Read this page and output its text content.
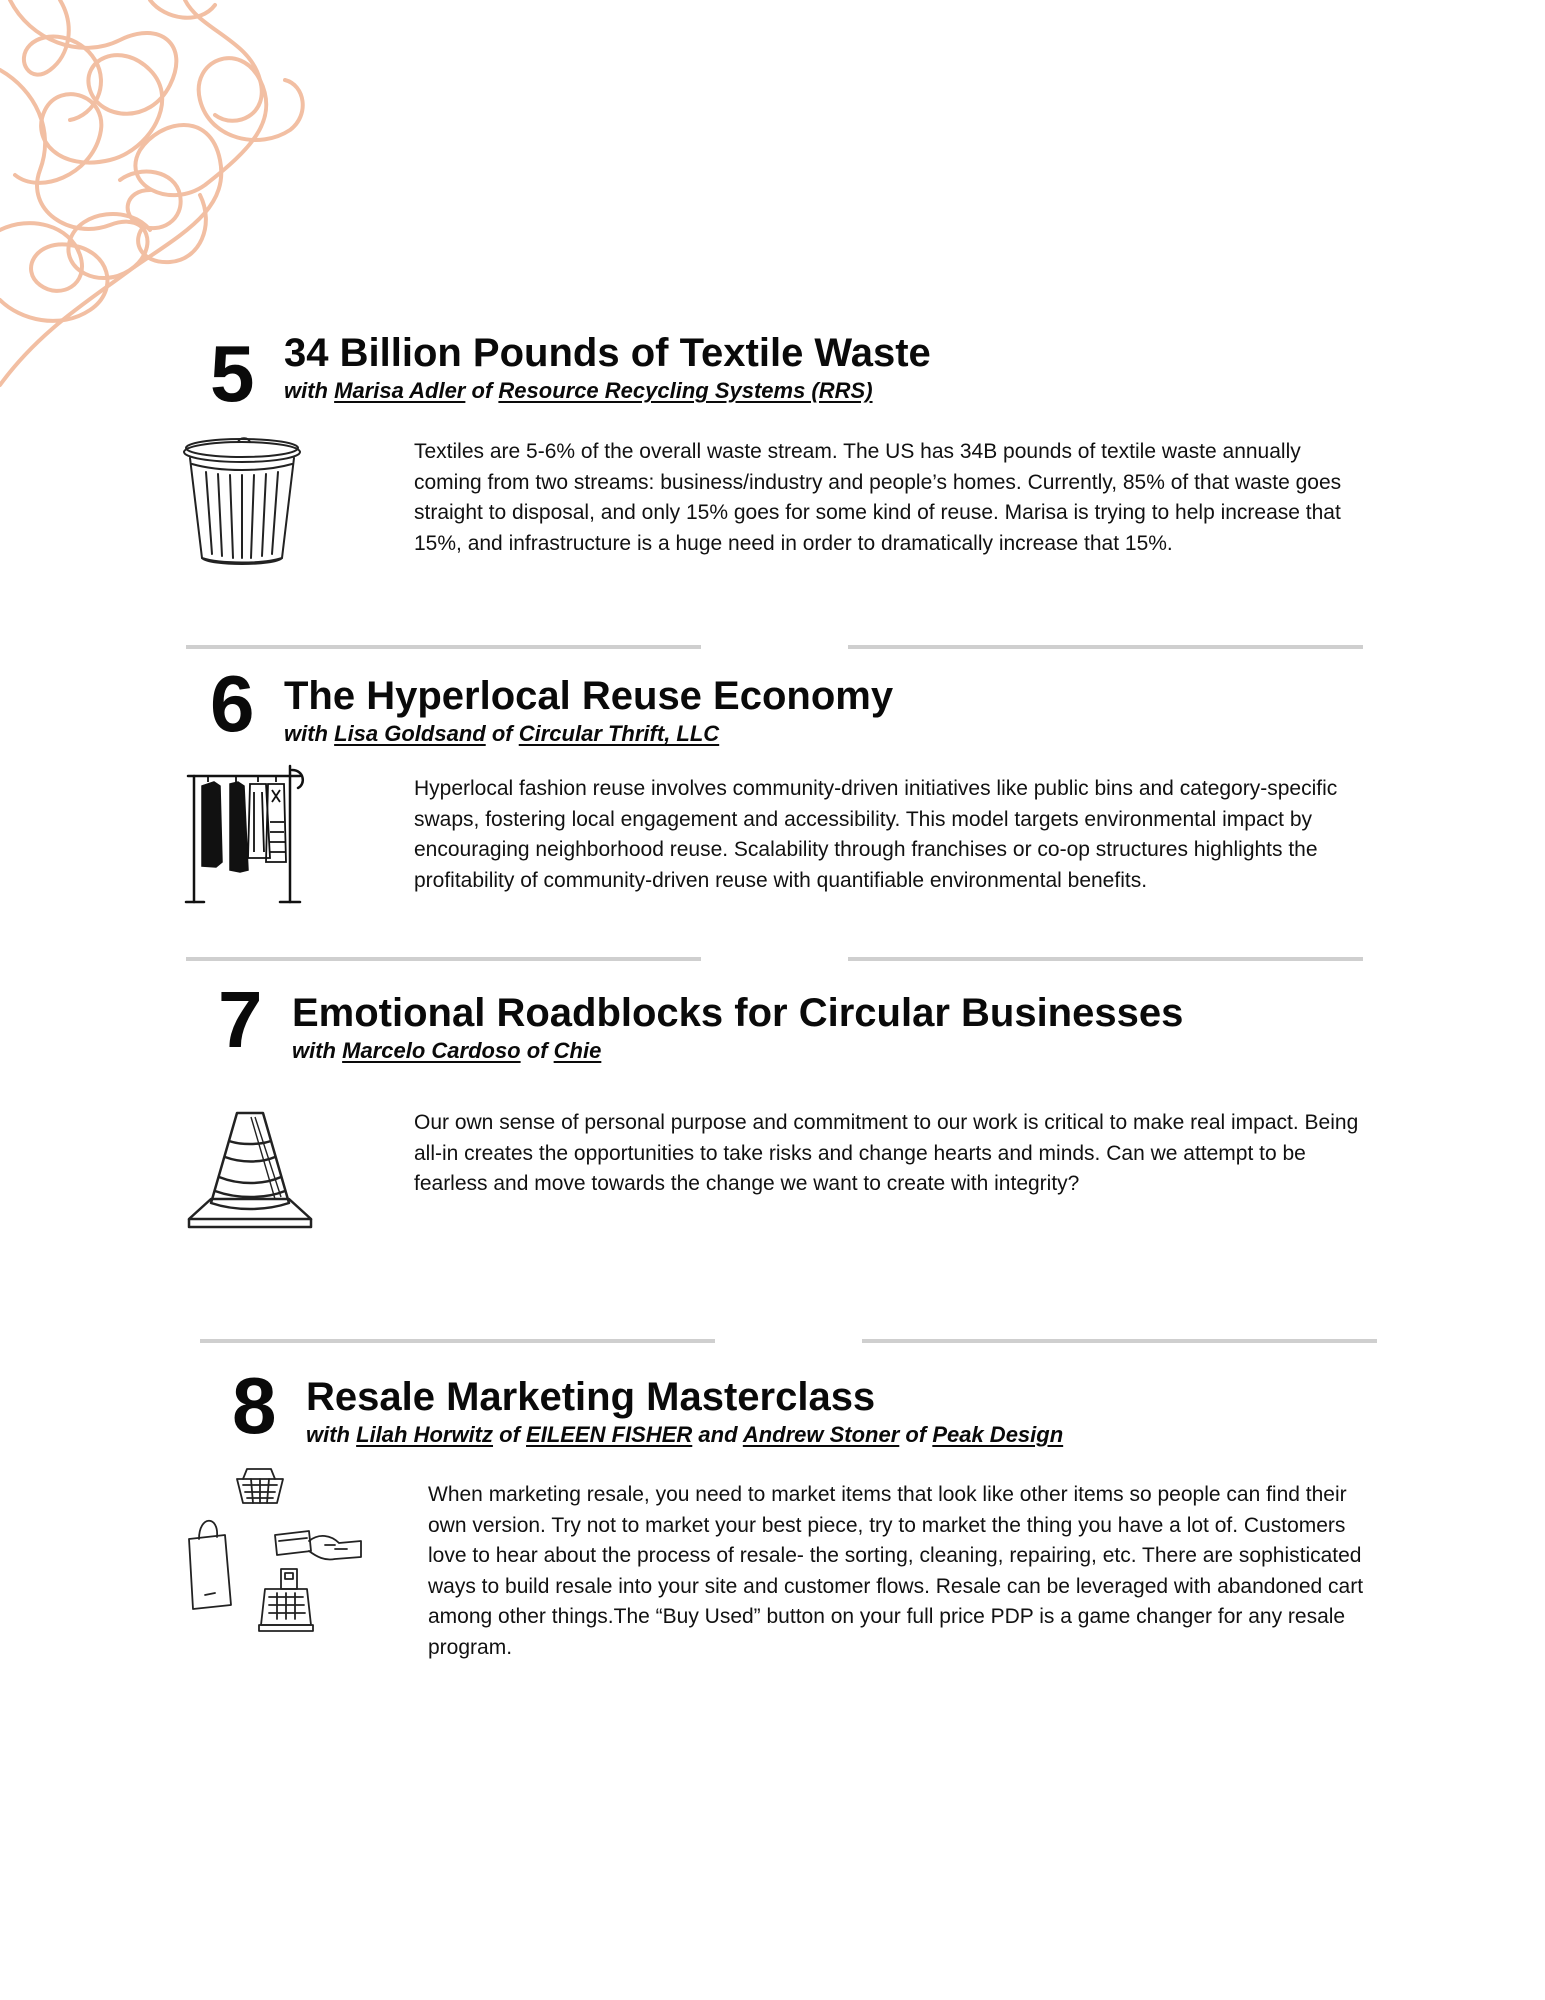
5 34 Billion Pounds of Textile Waste
with Marisa Adler of Resource Recycling Systems (RRS)
Textiles are 5-6% of the overall waste stream. The US has 34B pounds of textile waste annually coming from two streams: business/industry and people’s homes. Currently, 85% of that waste goes straight to disposal, and only 15% goes for some kind of reuse. Marisa is trying to help increase that 15%, and infrastructure is a huge need in order to dramatically increase that 15%.
6 The Hyperlocal Reuse Economy
with Lisa Goldsand of Circular Thrift, LLC
Hyperlocal fashion reuse involves community-driven initiatives like public bins and category-specific swaps, fostering local engagement and accessibility. This model targets environmental impact by encouraging neighborhood reuse. Scalability through franchises or co-op structures highlights the profitability of community-driven reuse with quantifiable environmental benefits.
7 Emotional Roadblocks for Circular Businesses
with Marcelo Cardoso of Chie
Our own sense of personal purpose and commitment to our work is critical to make real impact. Being all-in creates the opportunities to take risks and change hearts and minds. Can we attempt to be fearless and move towards the change we want to create with integrity?
8 Resale Marketing Masterclass
with Lilah Horwitz of EILEEN FISHER and Andrew Stoner of Peak Design
When marketing resale, you need to market items that look like other items so people can find their own version. Try not to market your best piece, try to market the thing you have a lot of. Customers love to hear about the process of resale- the sorting, cleaning, repairing, etc. There are sophisticated ways to build resale into your site and customer flows. Resale can be leveraged with abandoned cart among other things.The “Buy Used” button on your full price PDP is a game changer for any resale program.
